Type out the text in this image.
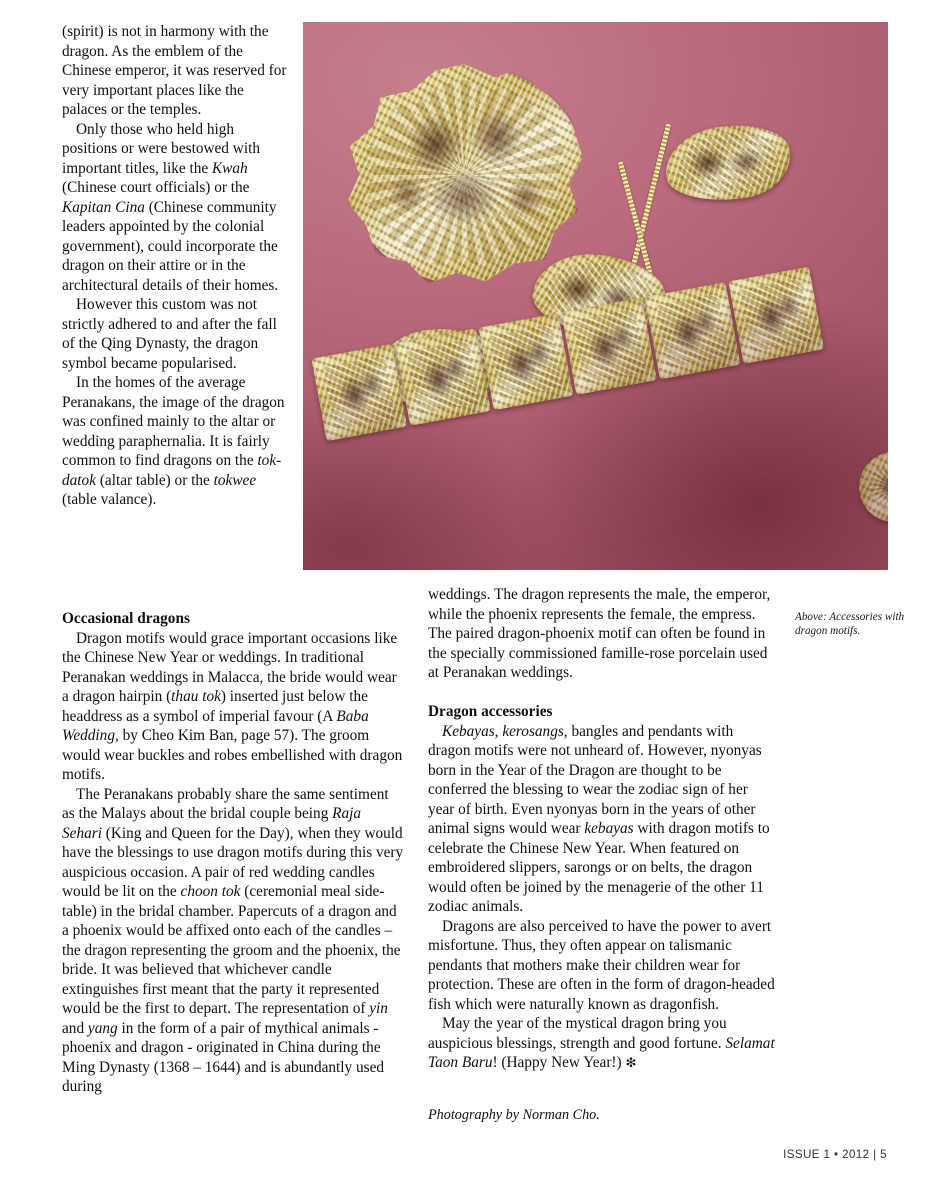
(spirit) is not in harmony with the dragon. As the emblem of the Chinese emperor, it was reserved for very important places like the palaces or the temples.

Only those who held high positions or were bestowed with important titles, like the Kwah (Chinese court officials) or the Kapitan Cina (Chinese community leaders appointed by the colonial government), could incorporate the dragon on their attire or in the architectural details of their homes.

However this custom was not strictly adhered to and after the fall of the Qing Dynasty, the dragon symbol became popularised.

In the homes of the average Peranakans, the image of the dragon was confined mainly to the altar or wedding paraphernalia. It is fairly common to find dragons on the tok-datok (altar table) or the tokwee (table valance).

Occasional dragons

Dragon motifs would grace important occasions like the Chinese New Year or weddings. In traditional Peranakan weddings in Malacca, the bride would wear a dragon hairpin (thau tok) inserted just below the headdress as a symbol of imperial favour (A Baba Wedding, by Cheo Kim Ban, page 57). The groom would wear buckles and robes embellished with dragon motifs.

The Peranakans probably share the same sentiment as the Malays about the bridal couple being Raja Sehari (King and Queen for the Day), when they would have the blessings to use dragon motifs during this very auspicious occasion. A pair of red wedding candles would be lit on the choon tok (ceremonial meal side-table) in the bridal chamber. Papercuts of a dragon and a phoenix would be affixed onto each of the candles – the dragon representing the groom and the phoenix, the bride. It was believed that whichever candle extinguishes first meant that the party it represented would be the first to depart. The representation of yin and yang in the form of a pair of mythical animals - phoenix and dragon - originated in China during the Ming Dynasty (1368 – 1644) and is abundantly used during

weddings. The dragon represents the male, the emperor, while the phoenix represents the female, the empress. The paired dragon-phoenix motif can often be found in the specially commissioned famille-rose porcelain used at Peranakan weddings.

Above: Accessories with dragon motifs.
Dragon accessories

Kebayas, kerosangs, bangles and pendants with dragon motifs were not unheard of. However, nyonyas born in the Year of the Dragon are thought to be conferred the blessing to wear the zodiac sign of her year of birth. Even nyonyas born in the years of other animal signs would wear kebayas with dragon motifs to celebrate the Chinese New Year. When featured on embroidered slippers, sarongs or on belts, the dragon would often be joined by the menagerie of the other 11 zodiac animals.

Dragons are also perceived to have the power to avert misfortune. Thus, they often appear on talismanic pendants that mothers make their children wear for protection. These are often in the form of dragon-headed fish which were naturally known as dragonfish.

May the year of the mystical dragon bring you auspicious blessings, strength and good fortune. Selamat Taon Baru! (Happy New Year!) ❇

Photography by Norman Cho.
ISSUE 1 • 2012 | 5
